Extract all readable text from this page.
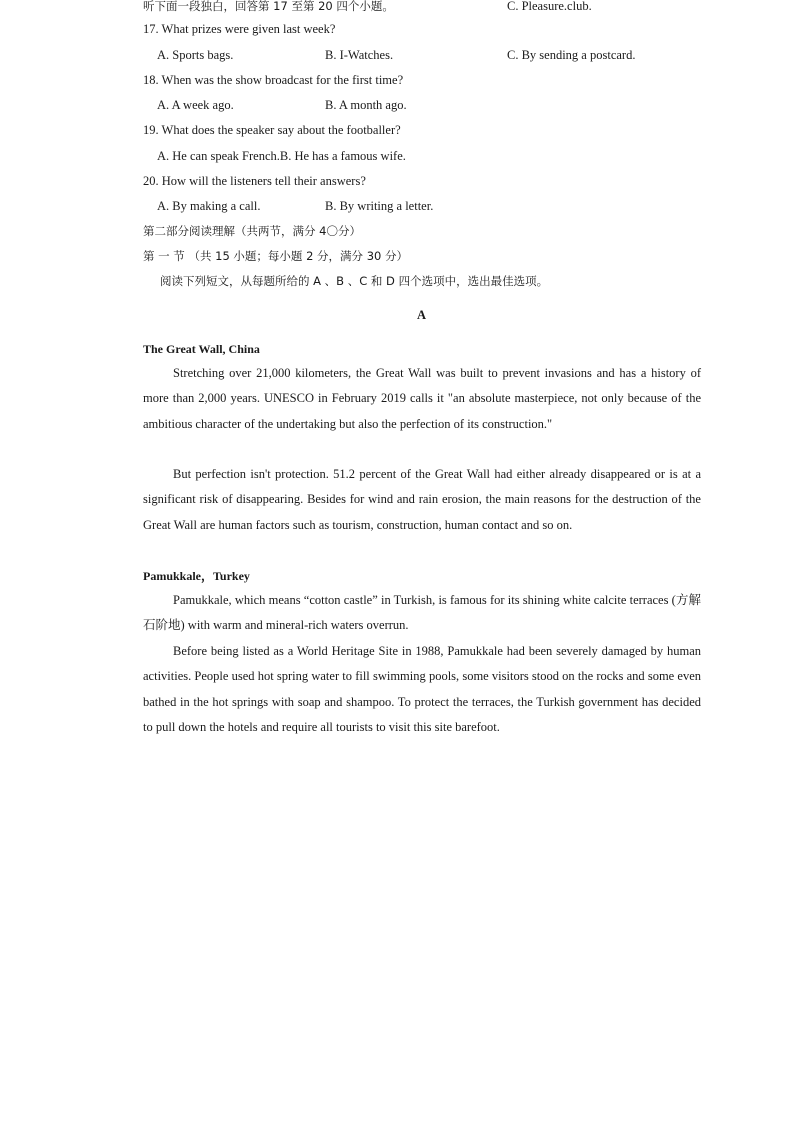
听下面一段独白，回答第 17 至第 20 四个小题。	C. Pleasure.club.
17. What prizes were given last week?
A. Sports bags.	B. I-Watches.	C. By sending a postcard.
18. When was the show broadcast for the first time?
A. A week ago.	B. A month ago.
19. What does the speaker say about the footballer?
A. He can speak French.B. He has a famous wife.
20. How will the listeners tell their answers?
A. By making a call.	B. By writing a letter.
第二部分阅读理解（共两节，满分 4〇分）
第 一 节 （共 15 小题；每小题 2 分，满分 30 分）
阅读下列短文，从每题所给的 A 、B 、C 和 D 四个选项中，选出最佳选项。
A
The Great Wall, China
Stretching over 21,000 kilometers, the Great Wall was built to prevent invasions and has a history of more than 2,000 years. UNESCO in February 2019 calls it "an absolute masterpiece, not only because of the ambitious character of the undertaking but also the perfection of its construction."
But perfection isn't protection. 51.2 percent of the Great Wall had either already disappeared or is at a significant risk of disappearing. Besides for wind and rain erosion, the main reasons for the destruction of the Great Wall are human factors such as tourism, construction, human contact and so on.
Pamukkale，Turkey
Pamukkale, which means “cotton castle” in Turkish, is famous for its shining white calcite terraces (方解石阶地) with warm and mineral-rich waters overrun.
Before being listed as a World Heritage Site in 1988, Pamukkale had been severely damaged by human activities. People used hot spring water to fill swimming pools, some visitors stood on the rocks and some even bathed in the hot springs with soap and shampoo. To protect the terraces, the Turkish government has decided to pull down the hotels and require all tourists to visit this site barefoot.
